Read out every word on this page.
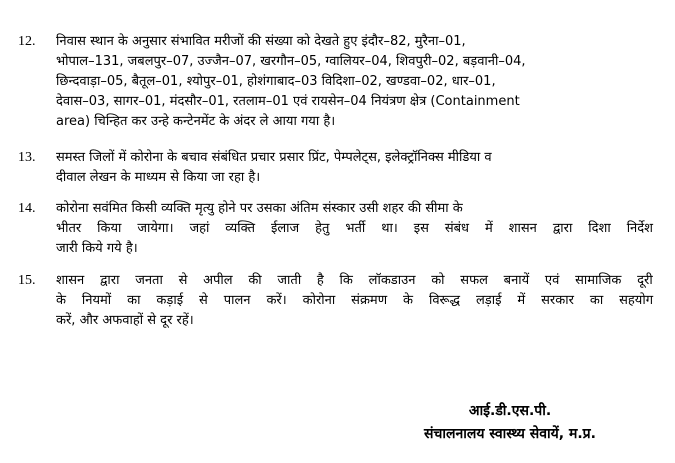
12. निवास स्थान के अनुसार संभावित मरीजों की संख्या को देखते हुए इंदौर–82, मुरैना–01,
भोपाल–131, जबलपुर–07, उज्जैन–07, खरगौन–05, ग्वालियर–04, शिवपुरी–02, बड़वानी–04,
छिन्दवाड़ा–05, बैतूल–01, श्योपुर–01, होशंगाबाद–03 विदिशा–02, खण्डवा–02, धार–01,
देवास–03, सागर–01, मंदसौर–01, रतलाम–01 एवं रायसेन–04 नियंत्रण क्षेत्र (Containment
area) चिन्हित कर उन्हे कन्टेनमेंट के अंदर ले आया गया है।
13. समस्त जिलों में कोरोना के बचाव संबंधित प्रचार प्रसार प्रिंट, पेम्पलेट्स, इलेक्ट्रॉनिक्स मीडिया व
दीवाल लेखन के माध्यम से किया जा रहा है।
14. कोरोना सवंमित किसी व्यक्ति मृत्यु होने पर उसका अंतिम संस्कार उसी शहर की सीमा के
भीतर किया जायेगा। जहां व्यक्ति ईलाज हेतु भर्ती था। इस संबंध में शासन द्वारा दिशा निर्देश
जारी किये गये है।
15. शासन द्वारा जनता से अपील की जाती है कि लॉकडाउन को सफल बनायें एवं सामाजिक दूरी
के नियमों का कड़ाई से पालन करें। कोरोना संक्रमण के विरूद्ध लड़ाई में सरकार का सहयोग
करें, और अफवाहों से दूर रहें।
आई.डी.एस.पी.
संचालनालय स्वास्थ्य सेवायें, म.प्र.
